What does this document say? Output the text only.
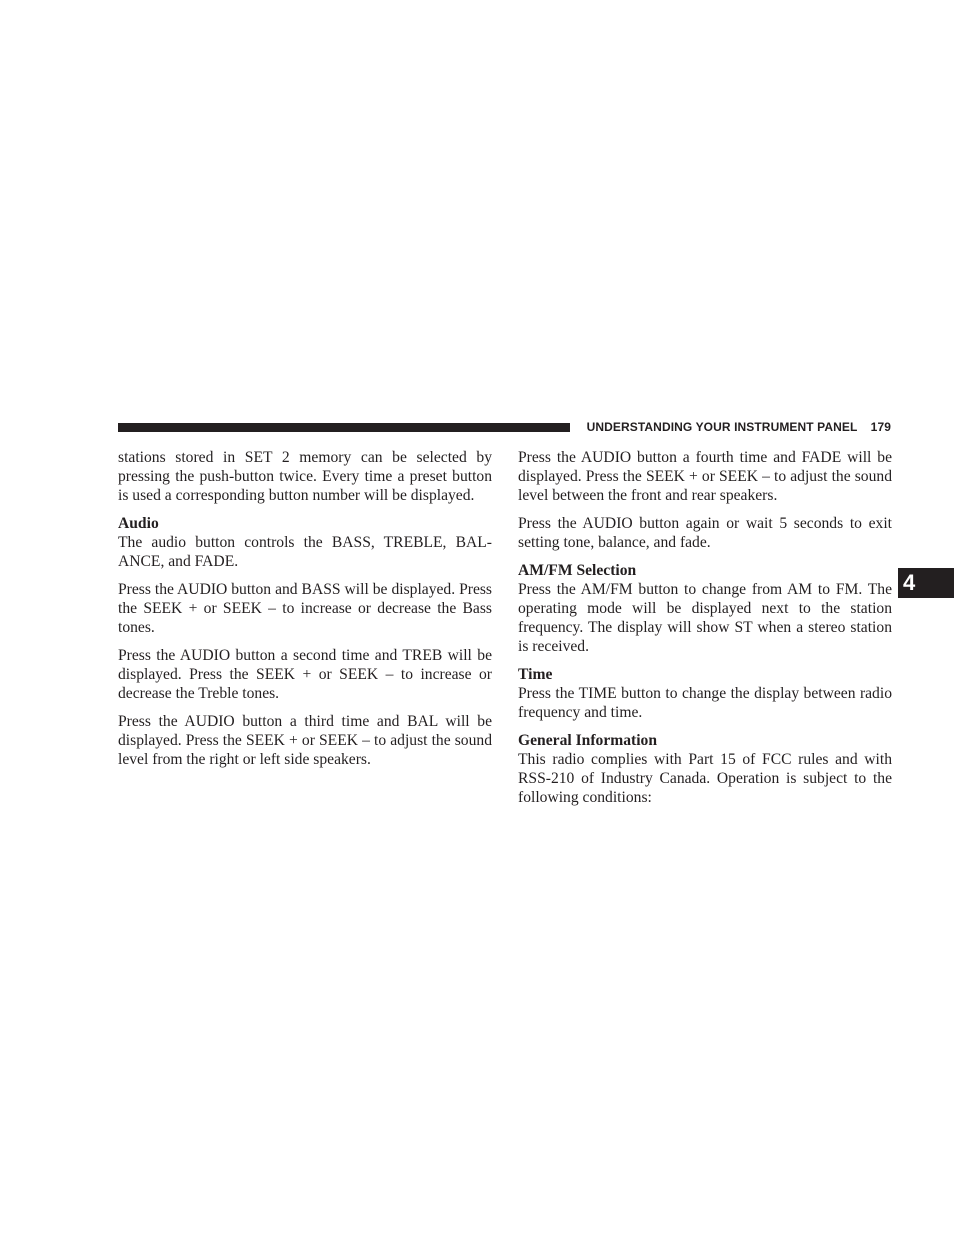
UNDERSTANDING YOUR INSTRUMENT PANEL 179
4

stations stored in SET 2 memory can be selected by pressing the push-button twice. Every time a preset button is used a corresponding button number will be displayed.

Audio

The audio button controls the BASS, TREBLE, BAL-ANCE, and FADE.

Press the AUDIO button and BASS will be displayed. Press the SEEK + or SEEK – to increase or decrease the Bass tones.

Press the AUDIO button a second time and TREB will be displayed. Press the SEEK + or SEEK – to increase or decrease the Treble tones.

Press the AUDIO button a third time and BAL will be displayed. Press the SEEK + or SEEK – to adjust the sound level from the right or left side speakers.

Press the AUDIO button a fourth time and FADE will be displayed. Press the SEEK + or SEEK – to adjust the sound level between the front and rear speakers.

Press the AUDIO button again or wait 5 seconds to exit setting tone, balance, and fade.

AM/FM Selection

Press the AM/FM button to change from AM to FM. The operating mode will be displayed next to the station frequency. The display will show ST when a stereo station is received.

Time

Press the TIME button to change the display between radio frequency and time.

General Information

This radio complies with Part 15 of FCC rules and with RSS-210 of Industry Canada. Operation is subject to the following conditions:
